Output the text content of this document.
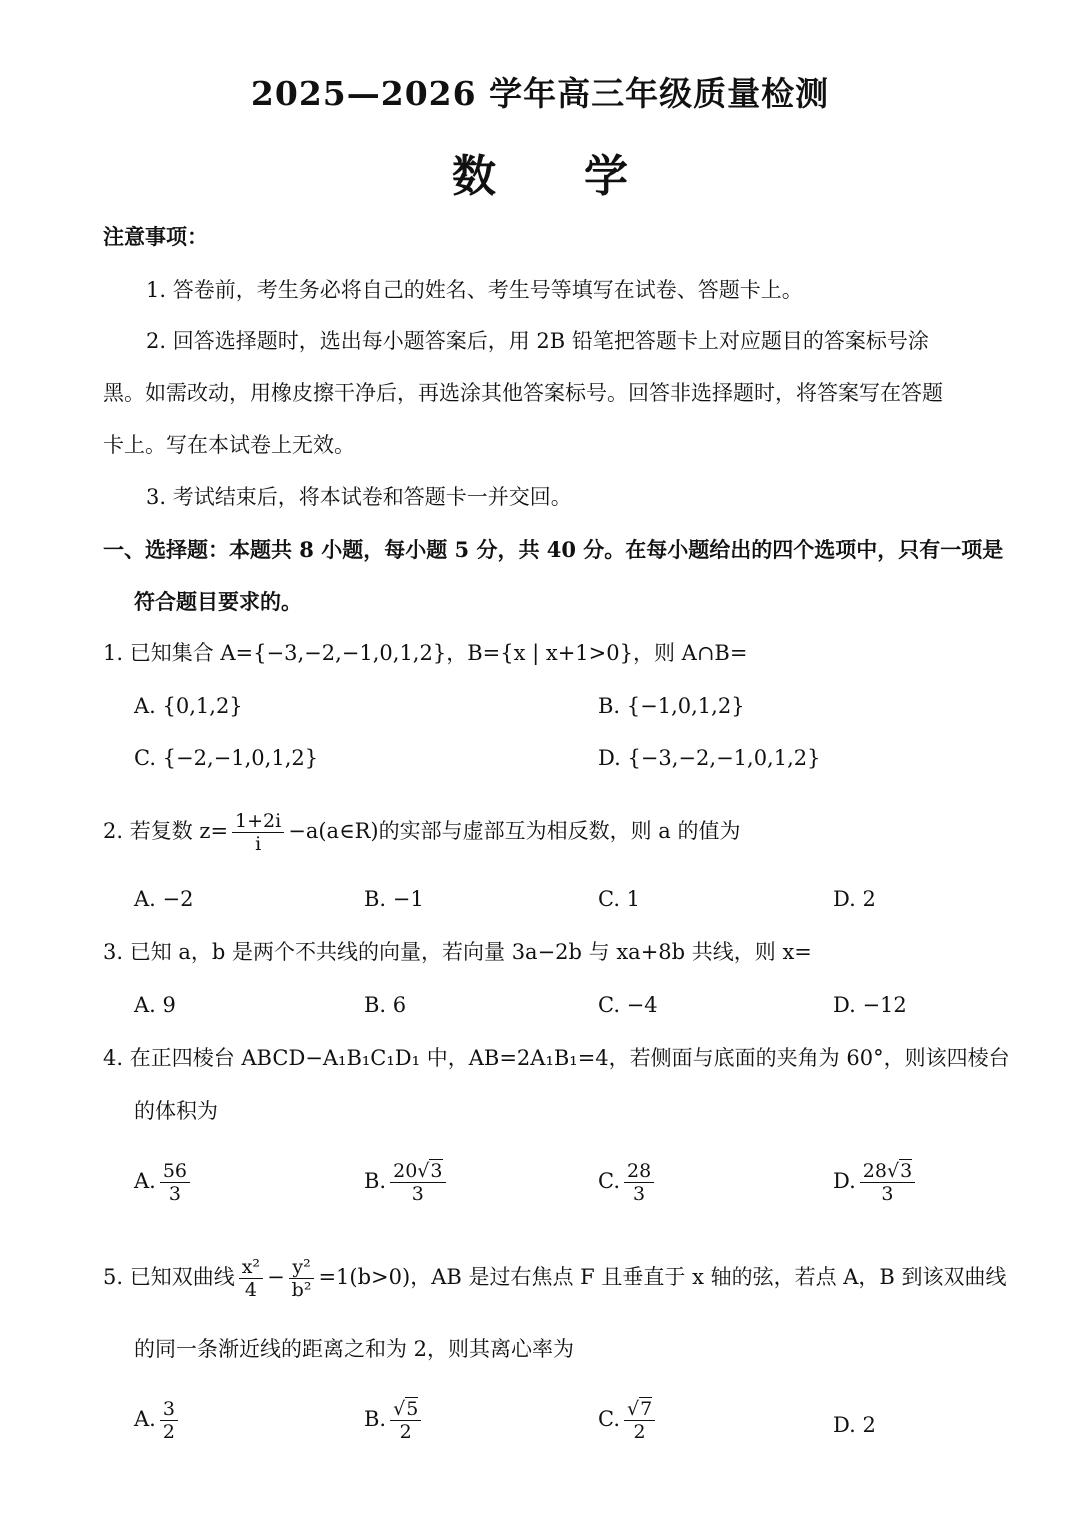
2025—2026 学年高三年级质量检测
数 学
注意事项：
1. 答卷前，考生务必将自己的姓名、考生号等填写在试卷、答题卡上。
2. 回答选择题时，选出每小题答案后，用 2B 铅笔把答题卡上对应题目的答案标号涂
黑。如需改动，用橡皮擦干净后，再选涂其他答案标号。回答非选择题时，将答案写在答题
卡上。写在本试卷上无效。
3. 考试结束后，将本试卷和答题卡一并交回。
一、选择题：本题共 8 小题，每小题 5 分，共 40 分。在每小题给出的四个选项中，只有一项是
符合题目要求的。
1. 已知集合 A={−3,−2,−1,0,1,2}，B={x | x+1>0}，则 A∩B=
A. {0,1,2}	B. {−1,0,1,2}
C. {−2,−1,0,1,2}	D. {−3,−2,−1,0,1,2}
2. 若复数 $z= \frac{1+2i}{i}$ −a(a∈R)的实部与虚部互为相反数，则 a 的值为
A. −2	B. −1	C. 1	D. 2
3. 已知 a，b 是两个不共线的向量，若向量 3a−2b 与 xa+8b 共线，则 x=
A. 9	B. 6	C. −4	D. −12
4. 在正四棱台 ABCD−A₁B₁C₁D₁ 中，AB=2A₁B₁=4，若侧面与底面的夹角为 60°，则该四棱台
的体积为
A. $\frac{56}{3}$	B. $\frac{20√3}{3}$	C. $\frac{28}{3}$	D. $\frac{28√3}{3}$
5. 已知双曲线 $\frac{\text{x²}}{4} - \frac{\text{y²}}{\text{b²}} =1(b>0)$，AB 是过右焦点 F 且垂直于 x 轴的弦，若点 A，B 到该双曲线
的同一条渐近线的距离之和为 2，则其离心率为
A. $\frac{3}{2}$	B. $\frac{√5}{2}$	C. $\frac{√7}{2}$	D. 2
